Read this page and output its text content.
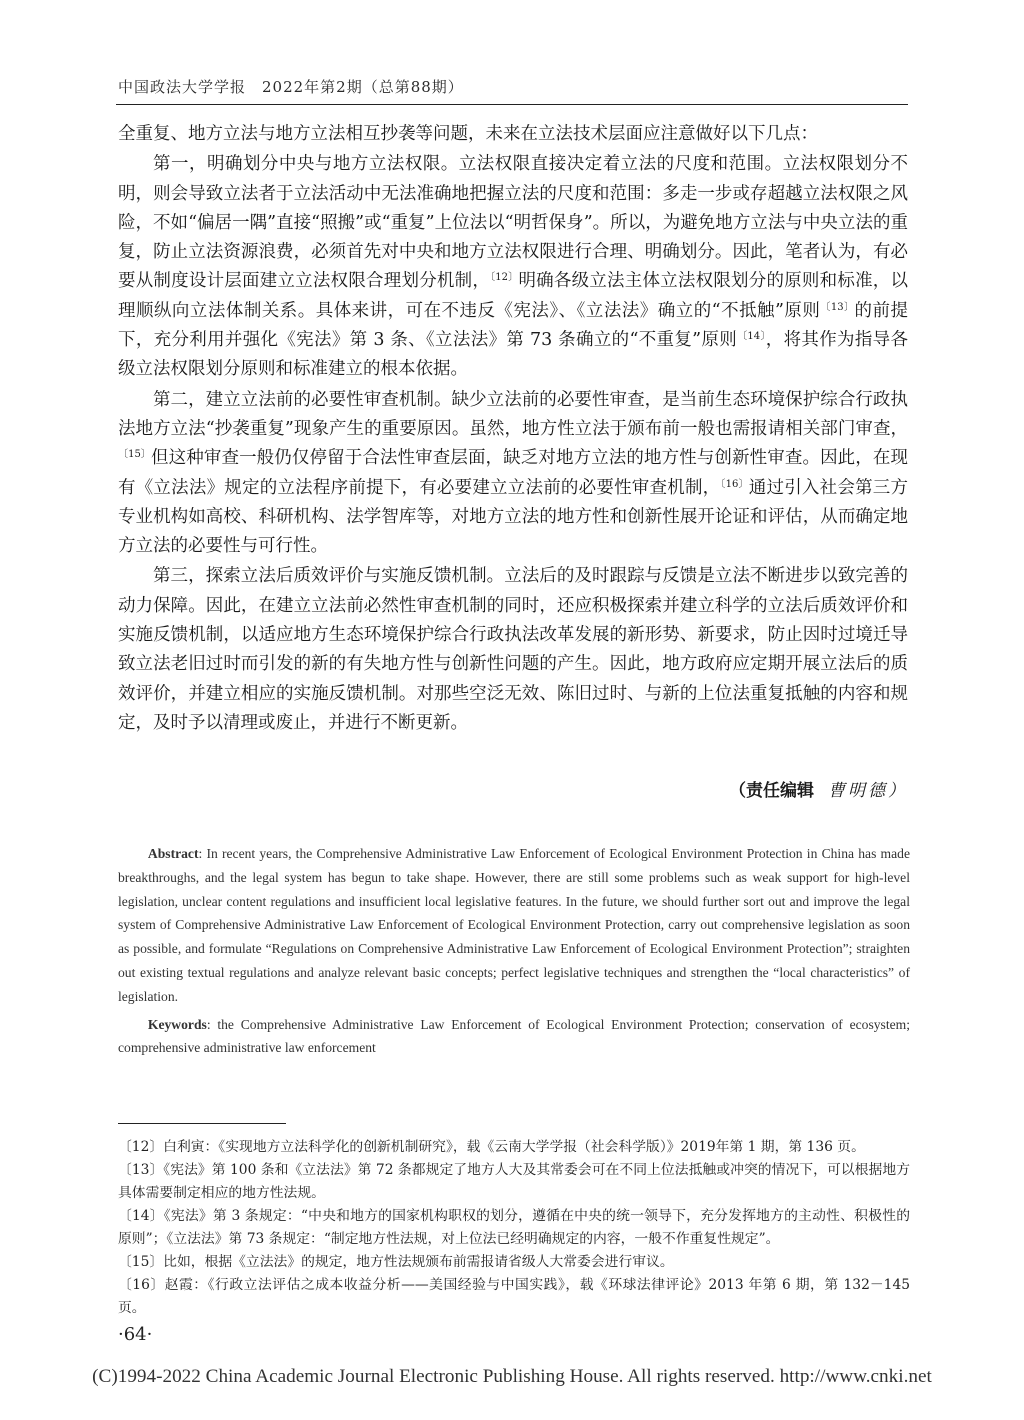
中国政法大学学报　2022年第2期（总第88期）

全重复、地方立法与地方立法相互抄袭等问题，未来在立法技术层面应注意做好以下几点：

第一，明确划分中央与地方立法权限。立法权限直接决定着立法的尺度和范围。立法权限划分不明，则会导致立法者于立法活动中无法准确地把握立法的尺度和范围：多走一步或存超越立法权限之风险，不如“偏居一隅”直接“照搬”或“重复”上位法以“明哲保身”。所以，为避免地方立法与中央立法的重复，防止立法资源浪费，必须首先对中央和地方立法权限进行合理、明确划分。因此，笔者认为，有必要从制度设计层面建立立法权限合理划分机制，$^{〔12〕}$明确各级立法主体立法权限划分的原则和标准，以理顺纵向立法体制关系。具体来讲，可在不违反《宪法》、《立法法》确立的“不抵触”原则$^{〔13〕}$的前提下，充分利用并强化《宪法》第 3 条、《立法法》第 73 条确立的“不重复”原则$^{〔14〕}$，将其作为指导各级立法权限划分原则和标准建立的根本依据。

第二，建立立法前的必要性审查机制。缺少立法前的必要性审查，是当前生态环境保护综合行政执法地方立法“抄袭重复”现象产生的重要原因。虽然，地方性立法于颁布前一般也需报请相关部门审查，$^{〔15〕}$但这种审查一般仍仅停留于合法性审查层面，缺乏对地方立法的地方性与创新性审查。因此，在现有《立法法》规定的立法程序前提下，有必要建立立法前的必要性审查机制，$^{〔16〕}$通过引入社会第三方专业机构如高校、科研机构、法学智库等，对地方立法的地方性和创新性展开论证和评估，从而确定地方立法的必要性与可行性。

第三，探索立法后质效评价与实施反馈机制。立法后的及时跟踪与反馈是立法不断进步以致完善的动力保障。因此，在建立立法前必然性审查机制的同时，还应积极探索并建立科学的立法后质效评价和实施反馈机制，以适应地方生态环境保护综合行政执法改革发展的新形势、新要求，防止因时过境迁导致立法老旧过时而引发的新的有失地方性与创新性问题的产生。因此，地方政府应定期开展立法后的质效评价，并建立相应的实施反馈机制。对那些空泛无效、陈旧过时、与新的上位法重复抵触的内容和规定，及时予以清理或废止，并进行不断更新。

（责任编辑 曹明德）

Abstract: In recent years, the Comprehensive Administrative Law Enforcement of Ecological Environment Protection in China has made breakthroughs, and the legal system has begun to take shape. However, there are still some problems such as weak support for high-level legislation, unclear content regulations and insufficient local legislative features. In the future, we should further sort out and improve the legal system of Comprehensive Administrative Law Enforcement of Ecological Environment Protection, carry out comprehensive legislation as soon as possible, and formulate “Regulations on Comprehensive Administrative Law Enforcement of Ecological Environment Protection”; straighten out existing textual regulations and analyze relevant basic concepts; perfect legislative techniques and strengthen the “local characteristics” of legislation.

Keywords: the Comprehensive Administrative Law Enforcement of Ecological Environment Protection; conservation of ecosystem; comprehensive administrative law enforcement

〔12〕白利寅：《实现地方立法科学化的创新机制研究》，载《云南大学学报（社会科学版）》2019年第 1 期，第 136 页。

〔13〕《宪法》第 100 条和《立法法》第 72 条都规定了地方人大及其常委会可在不同上位法抵触或冲突的情况下，可以根据地方具体需要制定相应的地方性法规。

〔14〕《宪法》第 3 条规定：“中央和地方的国家机构职权的划分，遵循在中央的统一领导下，充分发挥地方的主动性、积极性的原则”；《立法法》第 73 条规定：“制定地方性法规，对上位法已经明确规定的内容，一般不作重复性规定”。

〔15〕比如，根据《立法法》的规定，地方性法规颁布前需报请省级人大常委会进行审议。

〔16〕赵霞：《行政立法评估之成本收益分析——美国经验与中国实践》，载《环球法律评论》2013 年第 6 期，第 132－145 页。

·64·
(C)1994-2022 China Academic Journal Electronic Publishing House. All rights reserved. http://www.cnki.net
